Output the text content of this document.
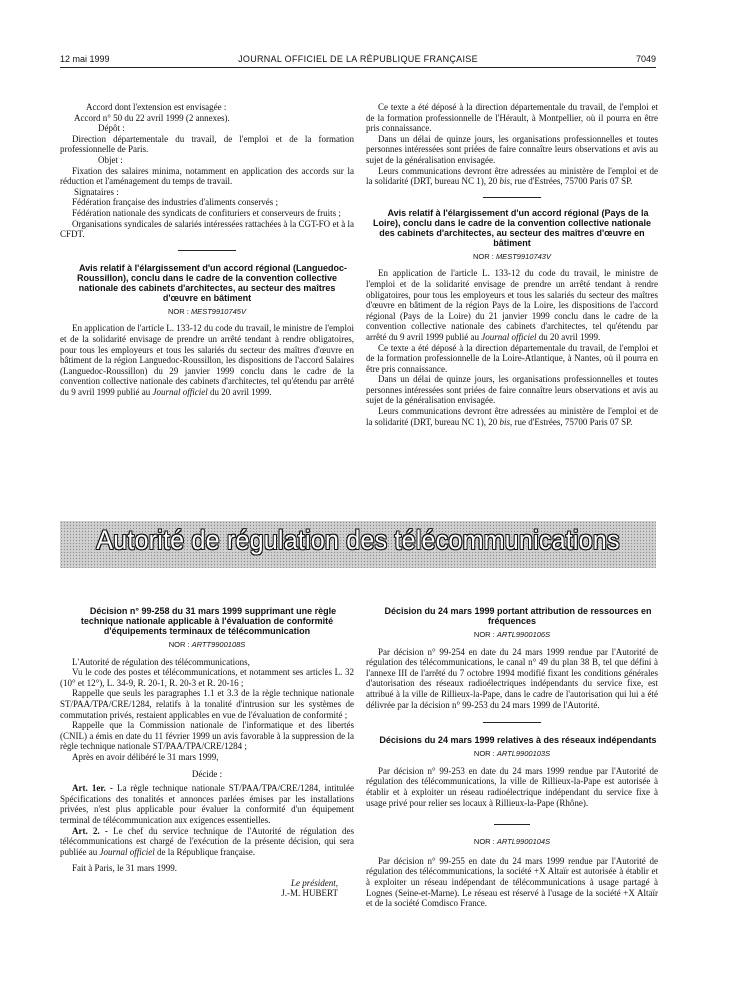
12 mai 1999	JOURNAL OFFICIEL DE LA RÉPUBLIQUE FRANÇAISE	7049

Accord dont l'extension est envisagée :

Accord n° 50 du 22 avril 1999 (2 annexes).

Dépôt :

Direction départementale du travail, de l'emploi et de la formation professionnelle de Paris.

Objet :

Fixation des salaires minima, notamment en application des accords sur la réduction et l'aménagement du temps de travail.

Signataires :

Fédération française des industries d'aliments conservés ;

Fédération nationale des syndicats de confituriers et conserveurs de fruits ;

Organisations syndicales de salariés intéressées rattachées à la CGT-FO et à la CFDT.

Avis relatif à l'élargissement d'un accord régional (Languedoc-Roussillon), conclu dans le cadre de la convention collective nationale des cabinets d'architectes, au secteur des maîtres d'œuvre en bâtiment

NOR : MEST9910745V

En application de l'article L. 133-12 du code du travail, le ministre de l'emploi et de la solidarité envisage de prendre un arrêté tendant à rendre obligatoires, pour tous les employeurs et tous les salariés du secteur des maîtres d'œuvre en bâtiment de la région Languedoc-Roussillon, les dispositions de l'accord Salaires (Languedoc-Roussillon) du 29 janvier 1999 conclu dans le cadre de la convention collective nationale des cabinets d'architectes, tel qu'étendu par arrêté du 9 avril 1999 publié au Journal officiel du 20 avril 1999.

Ce texte a été déposé à la direction départementale du travail, de l'emploi et de la formation professionnelle de l'Hérault, à Montpellier, où il pourra en être pris connaissance.

Dans un délai de quinze jours, les organisations professionnelles et toutes personnes intéressées sont priées de faire connaître leurs observations et avis au sujet de la généralisation envisagée.

Leurs communications devront être adressées au ministère de l'emploi et de la solidarité (DRT, bureau NC 1), 20 bis, rue d'Estrées, 75700 Paris 07 SP.

Avis relatif à l'élargissement d'un accord régional (Pays de la Loire), conclu dans le cadre de la convention collective nationale des cabinets d'architectes, au secteur des maîtres d'œuvre en bâtiment

NOR : MEST9910743V

En application de l'article L. 133-12 du code du travail, le ministre de l'emploi et de la solidarité envisage de prendre un arrêté tendant à rendre obligatoires, pour tous les employeurs et tous les salariés du secteur des maîtres d'œuvre en bâtiment de la région Pays de la Loire, les dispositions de l'accord régional (Pays de la Loire) du 21 janvier 1999 conclu dans le cadre de la convention collective nationale des cabinets d'architectes, tel qu'étendu par arrêté du 9 avril 1999 publié au Journal officiel du 20 avril 1999.

Ce texte a été déposé à la direction départementale du travail, de l'emploi et de la formation professionnelle de la Loire-Atlantique, à Nantes, où il pourra en être pris connaissance.

Dans un délai de quinze jours, les organisations professionnelles et toutes personnes intéressées sont priées de faire connaître leurs observations et avis au sujet de la généralisation envisagée.

Leurs communications devront être adressées au ministère de l'emploi et de la solidarité (DRT, bureau NC 1), 20 bis, rue d'Estrées, 75700 Paris 07 SP.

Autorité de régulation des télécommunications

Décision n° 99-258 du 31 mars 1999 supprimant une règle technique nationale applicable à l'évaluation de conformité d'équipements terminaux de télécommunication

NOR : ARTT9900108S

L'Autorité de régulation des télécommunications,

Vu le code des postes et télécommunications, et notamment ses articles L. 32 (10° et 12°), L. 34-9, R. 20-1, R. 20-3 et R. 20-16 ;

Rappelle que seuls les paragraphes 1.1 et 3.3 de la règle technique nationale ST/PAA/TPA/CRE/1284, relatifs à la tonalité d'intrusion sur les systèmes de commutation privés, restaient applicables en vue de l'évaluation de conformité ;

Rappelle que la Commission nationale de l'informatique et des libertés (CNIL) a émis en date du 11 février 1999 un avis favorable à la suppression de la règle technique nationale ST/PAA/TPA/CRE/1284 ;

Après en avoir délibéré le 31 mars 1999,

Décide :

Art. 1er. - La règle technique nationale ST/PAA/TPA/CRE/1284, intitulée Spécifications des tonalités et annonces parlées émises par les installations privées, n'est plus applicable pour évaluer la conformité d'un équipement terminal de télécommunication aux exigences essentielles.

Art. 2. - Le chef du service technique de l'Autorité de régulation des télécommunications est chargé de l'exécution de la présente décision, qui sera publiée au Journal officiel de la République française.

Fait à Paris, le 31 mars 1999.

Le président,

J.-M. HUBERT

Décision du 24 mars 1999 portant attribution de ressources en fréquences

NOR : ARTL9900106S

Par décision n° 99-254 en date du 24 mars 1999 rendue par l'Autorité de régulation des télécommunications, le canal n° 49 du plan 38 B, tel que défini à l'annexe III de l'arrêté du 7 octobre 1994 modifié fixant les conditions générales d'autorisation des réseaux radioélectriques indépendants du service fixe, est attribué à la ville de Rillieux-la-Pape, dans le cadre de l'autorisation qui lui a été délivrée par la décision n° 99-253 du 24 mars 1999 de l'Autorité.

Décisions du 24 mars 1999 relatives à des réseaux indépendants

NOR : ARTL9900103S

Par décision n° 99-253 en date du 24 mars 1999 rendue par l'Autorité de régulation des télécommunications, la ville de Rillieux-la-Pape est autorisée à établir et à exploiter un réseau radioélectrique indépendant du service fixe à usage privé pour relier ses locaux à Rillieux-la-Pape (Rhône).

NOR : ARTL9900104S

Par décision n° 99-255 en date du 24 mars 1999 rendue par l'Autorité de régulation des télécommunications, la société +X Altaïr est autorisée à établir et à exploiter un réseau indépendant de télécommunications à usage partagé à Lognes (Seine-et-Marne). Le réseau est réservé à l'usage de la société +X Altaïr et de la société Comdisco France.
